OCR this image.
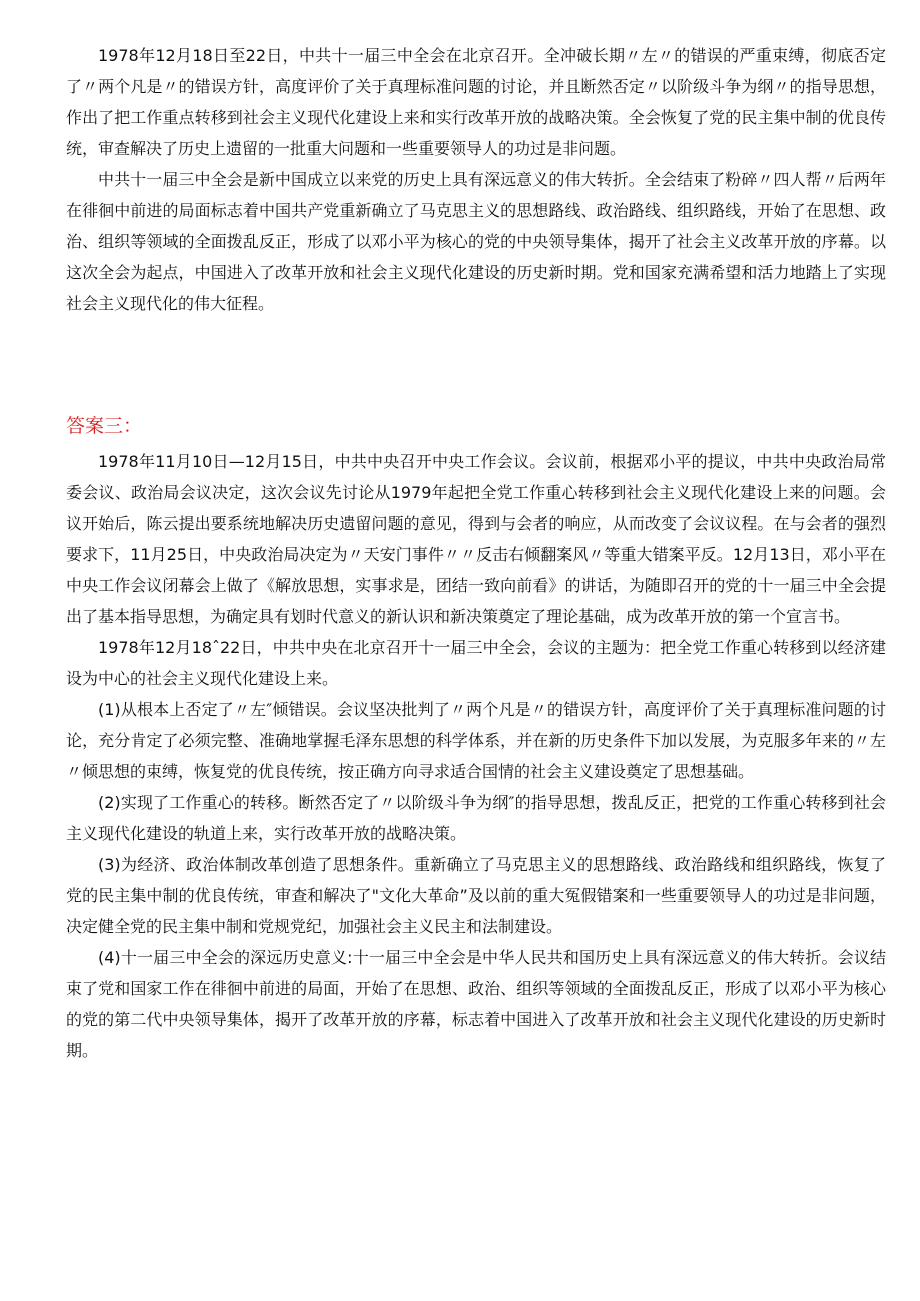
1978年12月18日至22日，中共十一届三中全会在北京召开。全冲破长期〃左〃的错误的严重束缚，彻底否定了〃两个凡是〃的错误方针，高度评价了关于真理标准问题的讨论，并且断然否定〃以阶级斗争为纲〃的指导思想，作出了把工作重点转移到社会主义现代化建设上来和实行改革开放的战略决策。全会恢复了党的民主集中制的优良传统，审查解决了历史上遗留的一批重大问题和一些重要领导人的功过是非问题。

中共十一届三中全会是新中国成立以来党的历史上具有深远意义的伟大转折。全会结束了粉碎〃四人帮〃后两年在徘徊中前进的局面标志着中国共产党重新确立了马克思主义的思想路线、政治路线、组织路线，开始了在思想、政治、组织等领域的全面拨乱反正，形成了以邓小平为核心的党的中央领导集体，揭开了社会主义改革开放的序幕。以这次全会为起点，中国进入了改革开放和社会主义现代化建设的历史新时期。党和国家充满希望和活力地踏上了实现社会主义现代化的伟大征程。

答案三：

1978年11月10日—12月15日，中共中央召开中央工作会议。会议前，根据邓小平的提议，中共中央政治局常委会议、政治局会议决定，这次会议先讨论从1979年起把全党工作重心转移到社会主义现代化建设上来的问题。会议开始后，陈云提出要系统地解决历史遗留问题的意见，得到与会者的响应，从而改变了会议议程。在与会者的强烈要求下，11月25日，中央政治局决定为〃天安门事件〃〃反击右倾翻案风〃等重大错案平反。12月13日，邓小平在中央工作会议闭幕会上做了《解放思想，实事求是，团结一致向前看》的讲话，为随即召开的党的十一届三中全会提出了基本指导思想，为确定具有划时代意义的新认识和新决策奠定了理论基础，成为改革开放的第一个宣言书。

1978年12月18ˆ22日，中共中央在北京召开十一届三中全会，会议的主题为：把全党工作重心转移到以经济建设为中心的社会主义现代化建设上来。

(1)从根本上否定了〃左″倾错误。会议坚决批判了〃两个凡是〃的错误方针，高度评价了关于真理标准问题的讨论，充分肯定了必须完整、准确地掌握毛泽东思想的科学体系，并在新的历史条件下加以发展，为克服多年来的〃左〃倾思想的束缚，恢复党的优良传统，按正确方向寻求适合国情的社会主义建设奠定了思想基础。

(2)实现了工作重心的转移。断然否定了〃以阶级斗争为纲″的指导思想，拨乱反正，把党的工作重心转移到社会主义现代化建设的轨道上来，实行改革开放的战略决策。

(3)为经济、政治体制改革创造了思想条件。重新确立了马克思主义的思想路线、政治路线和组织路线，恢复了党的民主集中制的优良传统，审查和解决了"文化大革命”及以前的重大冤假错案和一些重要领导人的功过是非问题，决定健全党的民主集中制和党规党纪，加强社会主义民主和法制建设。

(4)十一届三中全会的深远历史意义:十一届三中全会是中华人民共和国历史上具有深远意义的伟大转折。会议结束了党和国家工作在徘徊中前进的局面，开始了在思想、政治、组织等领域的全面拨乱反正，形成了以邓小平为核心的党的第二代中央领导集体，揭开了改革开放的序幕，标志着中国进入了改革开放和社会主义现代化建设的历史新时期。
